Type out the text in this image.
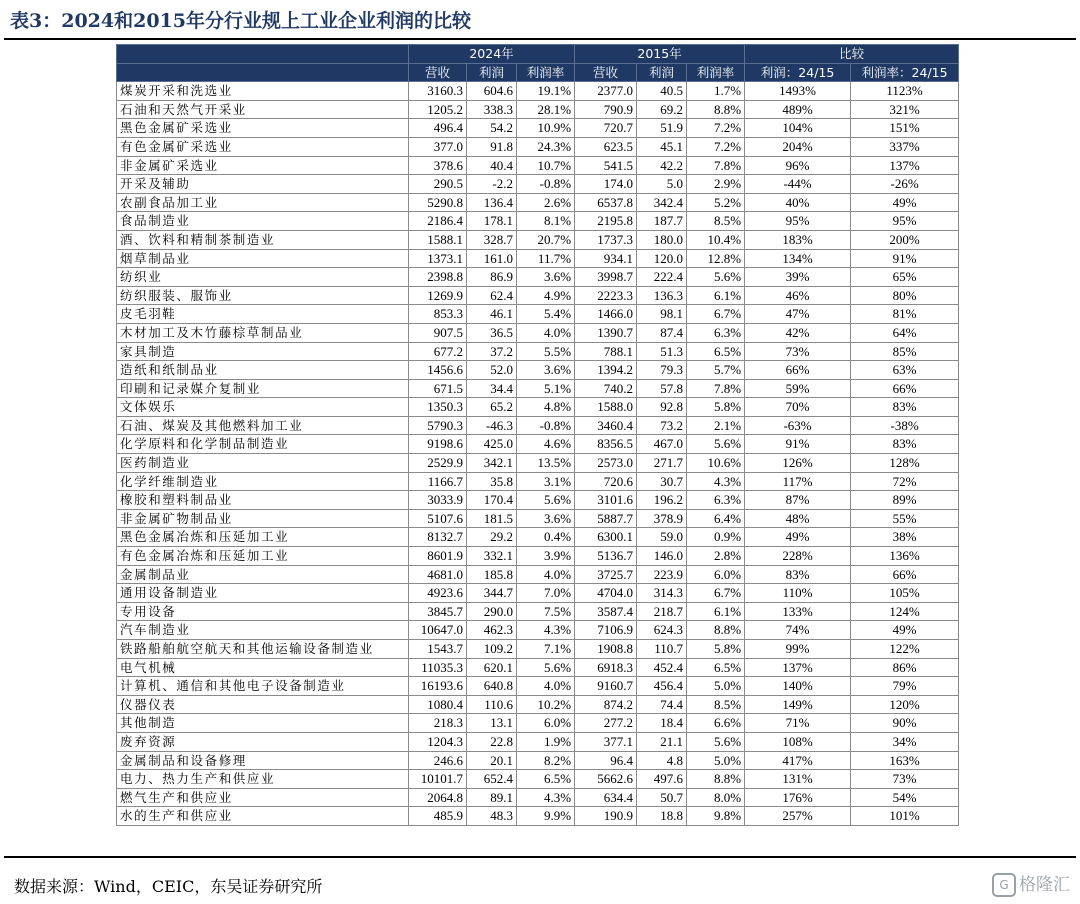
表3：2024和2015年分行业规上工业企业利润的比较
	2024年			2015年			比较	
	营收	利润	利润率	营收	利润	利润率	利润：24/15	利润率：24/15
煤炭开采和洗选业	3160.3	604.6	19.1%	2377.0	40.5	1.7%	1493%	1123%
石油和天然气开采业	1205.2	338.3	28.1%	790.9	69.2	8.8%	489%	321%
黑色金属矿采选业	496.4	54.2	10.9%	720.7	51.9	7.2%	104%	151%
有色金属矿采选业	377.0	91.8	24.3%	623.5	45.1	7.2%	204%	337%
非金属矿采选业	378.6	40.4	10.7%	541.5	42.2	7.8%	96%	137%
开采及辅助	290.5	-2.2	-0.8%	174.0	5.0	2.9%	-44%	-26%
农副食品加工业	5290.8	136.4	2.6%	6537.8	342.4	5.2%	40%	49%
食品制造业	2186.4	178.1	8.1%	2195.8	187.7	8.5%	95%	95%
酒、饮料和精制茶制造业	1588.1	328.7	20.7%	1737.3	180.0	10.4%	183%	200%
烟草制品业	1373.1	161.0	11.7%	934.1	120.0	12.8%	134%	91%
纺织业	2398.8	86.9	3.6%	3998.7	222.4	5.6%	39%	65%
纺织服装、服饰业	1269.9	62.4	4.9%	2223.3	136.3	6.1%	46%	80%
皮毛羽鞋	853.3	46.1	5.4%	1466.0	98.1	6.7%	47%	81%
木材加工及木竹藤棕草制品业	907.5	36.5	4.0%	1390.7	87.4	6.3%	42%	64%
家具制造	677.2	37.2	5.5%	788.1	51.3	6.5%	73%	85%
造纸和纸制品业	1456.6	52.0	3.6%	1394.2	79.3	5.7%	66%	63%
印刷和记录媒介复制业	671.5	34.4	5.1%	740.2	57.8	7.8%	59%	66%
文体娱乐	1350.3	65.2	4.8%	1588.0	92.8	5.8%	70%	83%
石油、煤炭及其他燃料加工业	5790.3	-46.3	-0.8%	3460.4	73.2	2.1%	-63%	-38%
化学原料和化学制品制造业	9198.6	425.0	4.6%	8356.5	467.0	5.6%	91%	83%
医药制造业	2529.9	342.1	13.5%	2573.0	271.7	10.6%	126%	128%
化学纤维制造业	1166.7	35.8	3.1%	720.6	30.7	4.3%	117%	72%
橡胶和塑料制品业	3033.9	170.4	5.6%	3101.6	196.2	6.3%	87%	89%
非金属矿物制品业	5107.6	181.5	3.6%	5887.7	378.9	6.4%	48%	55%
黑色金属冶炼和压延加工业	8132.7	29.2	0.4%	6300.1	59.0	0.9%	49%	38%
有色金属冶炼和压延加工业	8601.9	332.1	3.9%	5136.7	146.0	2.8%	228%	136%
金属制品业	4681.0	185.8	4.0%	3725.7	223.9	6.0%	83%	66%
通用设备制造业	4923.6	344.7	7.0%	4704.0	314.3	6.7%	110%	105%
专用设备	3845.7	290.0	7.5%	3587.4	218.7	6.1%	133%	124%
汽车制造业	10647.0	462.3	4.3%	7106.9	624.3	8.8%	74%	49%
铁路船舶航空航天和其他运输设备制造业	1543.7	109.2	7.1%	1908.8	110.7	5.8%	99%	122%
电气机械	11035.3	620.1	5.6%	6918.3	452.4	6.5%	137%	86%
计算机、通信和其他电子设备制造业	16193.6	640.8	4.0%	9160.7	456.4	5.0%	140%	79%
仪器仪表	1080.4	110.6	10.2%	874.2	74.4	8.5%	149%	120%
其他制造	218.3	13.1	6.0%	277.2	18.4	6.6%	71%	90%
废弃资源	1204.3	22.8	1.9%	377.1	21.1	5.6%	108%	34%
金属制品和设备修理	246.6	20.1	8.2%	96.4	4.8	5.0%	417%	163%
电力、热力生产和供应业	10101.7	652.4	6.5%	5662.6	497.6	8.8%	131%	73%
燃气生产和供应业	2064.8	89.1	4.3%	634.4	50.7	8.0%	176%	54%
水的生产和供应业	485.9	48.3	9.9%	190.9	18.8	9.8%	257%	101%
数据来源：Wind，CEIC，东吴证券研究所	G 格隆汇
